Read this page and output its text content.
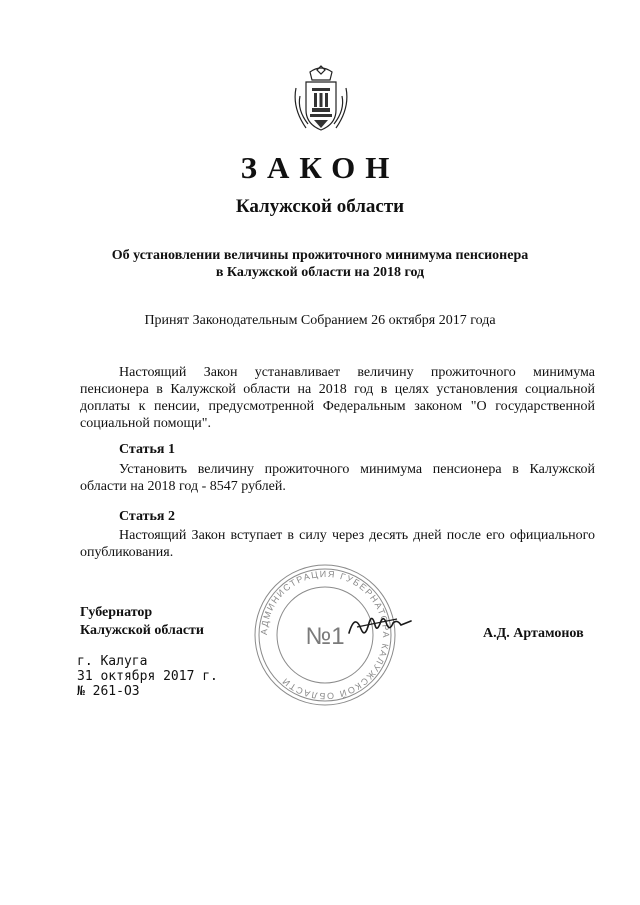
ЗАКОН
Калужской области
Об установлении величины прожиточного минимума пенсионера
в Калужской области на 2018 год
Принят Законодательным Собранием 26 октября 2017 года
Настоящий Закон устанавливает величину прожиточного минимума пенсионера в Калужской области на 2018 год в целях установления социальной доплаты к пенсии, предусмотренной Федеральным законом "О государственной социальной помощи".
Статья 1
Установить величину прожиточного минимума пенсионера в Калужской области на 2018 год - 8547 рублей.
Статья 2
Настоящий Закон вступает в силу через десять дней после его официального опубликования.
АДМИНИСТРАЦИЯ ГУБЕРНАТОРА КАЛУЖСКОЙ ОБЛАСТИ
№1
Губернатор
Калужской области	А.Д. Артамонов
г. Калуга
31 октября 2017 г.
№ 261-ОЗ
